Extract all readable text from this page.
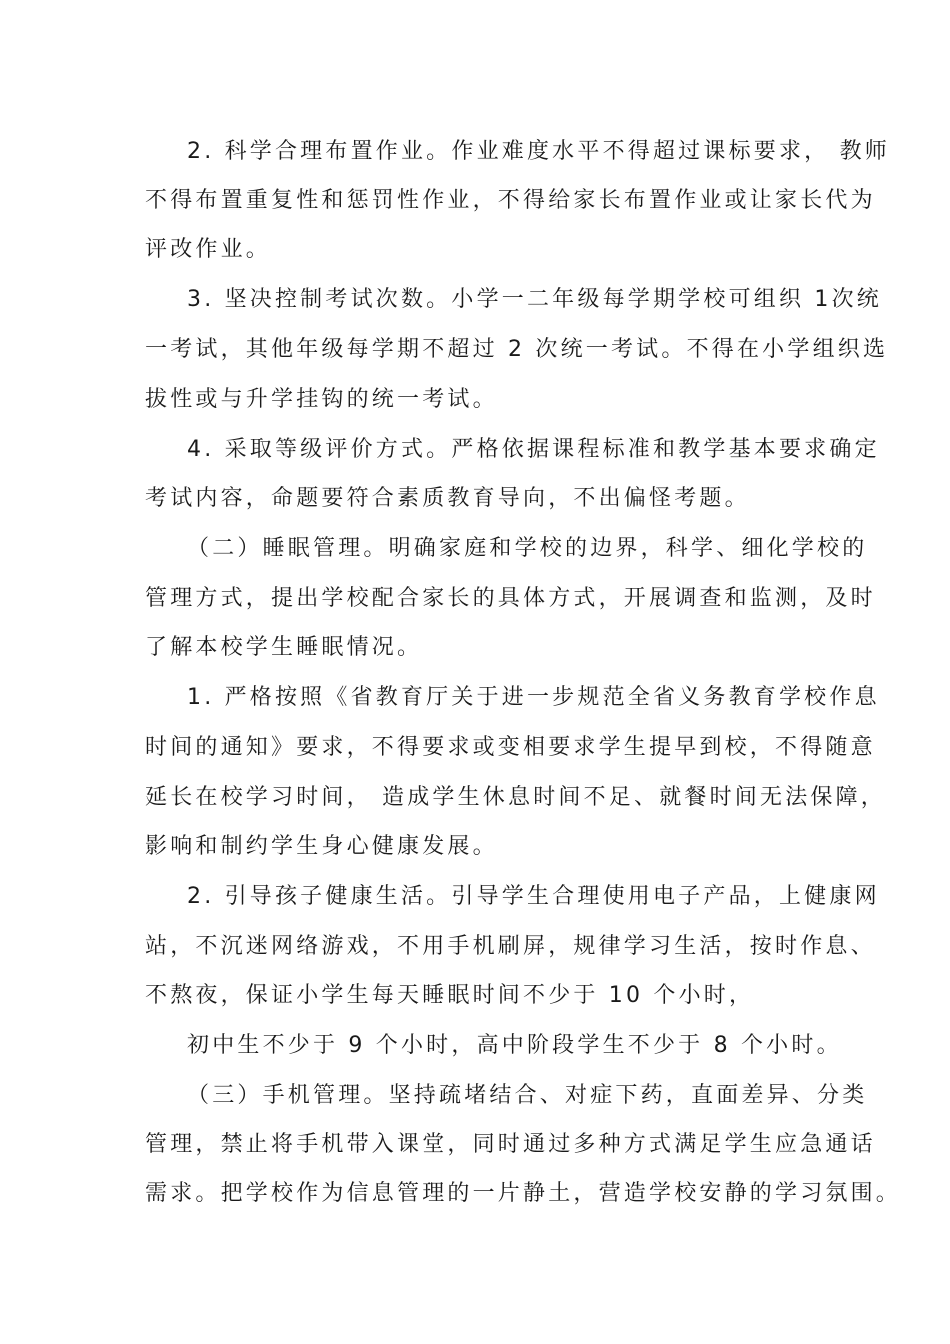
2. 科学合理布置作业。作业难度水平不得超过课标要求， 教师
不得布置重复性和惩罚性作业，不得给家长布置作业或让家长代为
评改作业。
3. 坚决控制考试次数。小学一二年级每学期学校可组织 1次统
一考试，其他年级每学期不超过 2 次统一考试。不得在小学组织选
拔性或与升学挂钩的统一考试。
4. 采取等级评价方式。严格依据课程标准和教学基本要求确定
考试内容，命题要符合素质教育导向，不出偏怪考题。
（二）睡眠管理。明确家庭和学校的边界，科学、细化学校的
管理方式，提出学校配合家长的具体方式，开展调查和监测，及时
了解本校学生睡眠情况。
1. 严格按照《省教育厅关于进一步规范全省义务教育学校作息
时间的通知》要求，不得要求或变相要求学生提早到校，不得随意
延长在校学习时间， 造成学生休息时间不足、就餐时间无法保障，
影响和制约学生身心健康发展。
2. 引导孩子健康生活。引导学生合理使用电子产品，上健康网
站，不沉迷网络游戏，不用手机刷屏，规律学习生活，按时作息、
不熬夜，保证小学生每天睡眠时间不少于 10 个小时，
初中生不少于 9 个小时，高中阶段学生不少于 8 个小时。
（三）手机管理。坚持疏堵结合、对症下药，直面差异、分类
管理，禁止将手机带入课堂，同时通过多种方式满足学生应急通话
需求。把学校作为信息管理的一片静土，营造学校安静的学习氛围。
